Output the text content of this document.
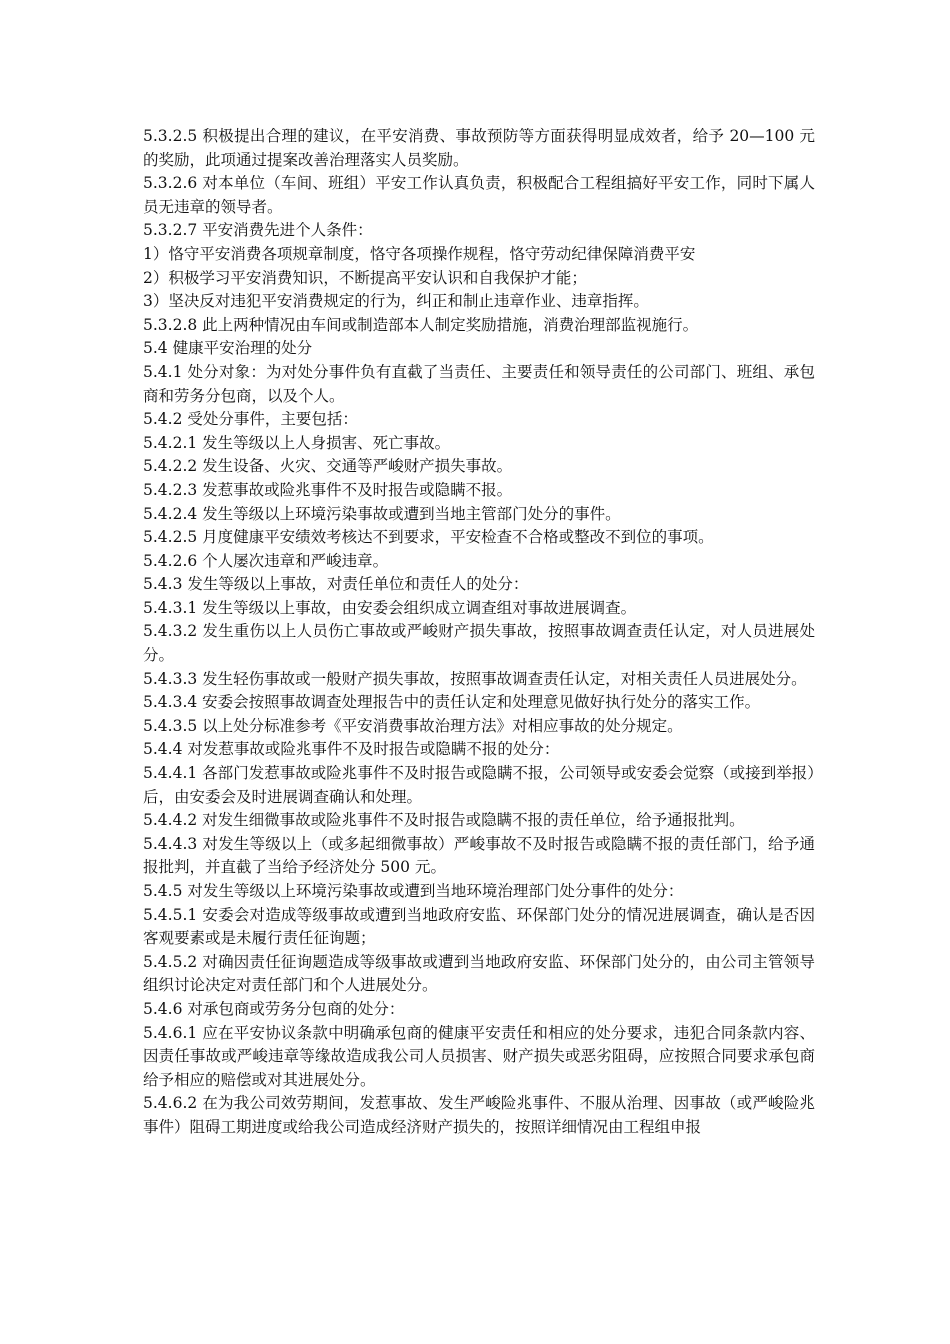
5.3.2.5 积极提出合理的建议，在平安消费、事故预防等方面获得明显成效者，给予 20—100 元的奖励，此项通过提案改善治理落实人员奖励。

5.3.2.6 对本单位（车间、班组）平安工作认真负责，积极配合工程组搞好平安工作，同时下属人员无违章的领导者。

5.3.2.7 平安消费先进个人条件：

1）恪守平安消费各项规章制度，恪守各项操作规程，恪守劳动纪律保障消费平安

2）积极学习平安消费知识，不断提高平安认识和自我保护才能；

3）坚决反对违犯平安消费规定的行为，纠正和制止违章作业、违章指挥。

5.3.2.8 此上两种情况由车间或制造部本人制定奖励措施，消费治理部监视施行。

5.4 健康平安治理的处分

5.4.1 处分对象：为对处分事件负有直截了当责任、主要责任和领导责任的公司部门、班组、承包商和劳务分包商，以及个人。

5.4.2 受处分事件，主要包括：

5.4.2.1 发生等级以上人身损害、死亡事故。

5.4.2.2 发生设备、火灾、交通等严峻财产损失事故。

5.4.2.3 发惹事故或险兆事件不及时报告或隐瞒不报。

5.4.2.4 发生等级以上环境污染事故或遭到当地主管部门处分的事件。

5.4.2.5 月度健康平安绩效考核达不到要求，平安检查不合格或整改不到位的事项。

5.4.2.6 个人屡次违章和严峻违章。

5.4.3 发生等级以上事故，对责任单位和责任人的处分：

5.4.3.1 发生等级以上事故，由安委会组织成立调查组对事故进展调查。

5.4.3.2 发生重伤以上人员伤亡事故或严峻财产损失事故，按照事故调查责任认定，对人员进展处分。

5.4.3.3 发生轻伤事故或一般财产损失事故，按照事故调查责任认定，对相关责任人员进展处分。

5.4.3.4 安委会按照事故调查处理报告中的责任认定和处理意见做好执行处分的落实工作。

5.4.3.5 以上处分标准参考《平安消费事故治理方法》对相应事故的处分规定。

5.4.4 对发惹事故或险兆事件不及时报告或隐瞒不报的处分：

5.4.4.1 各部门发惹事故或险兆事件不及时报告或隐瞒不报，公司领导或安委会觉察（或接到举报）后，由安委会及时进展调查确认和处理。

5.4.4.2 对发生细微事故或险兆事件不及时报告或隐瞒不报的责任单位，给予通报批判。

5.4.4.3 对发生等级以上（或多起细微事故）严峻事故不及时报告或隐瞒不报的责任部门，给予通报批判，并直截了当给予经济处分 500 元。

5.4.5 对发生等级以上环境污染事故或遭到当地环境治理部门处分事件的处分：

5.4.5.1 安委会对造成等级事故或遭到当地政府安监、环保部门处分的情况进展调查，确认是否因客观要素或是未履行责任征询题；

5.4.5.2 对确因责任征询题造成等级事故或遭到当地政府安监、环保部门处分的，由公司主管领导组织讨论决定对责任部门和个人进展处分。

5.4.6 对承包商或劳务分包商的处分：

5.4.6.1 应在平安协议条款中明确承包商的健康平安责任和相应的处分要求，违犯合同条款内容、因责任事故或严峻违章等缘故造成我公司人员损害、财产损失或恶劣阻碍，应按照合同要求承包商给予相应的赔偿或对其进展处分。

5.4.6.2 在为我公司效劳期间，发惹事故、发生严峻险兆事件、不服从治理、因事故（或严峻险兆事件）阻碍工期进度或给我公司造成经济财产损失的，按照详细情况由工程组申报
